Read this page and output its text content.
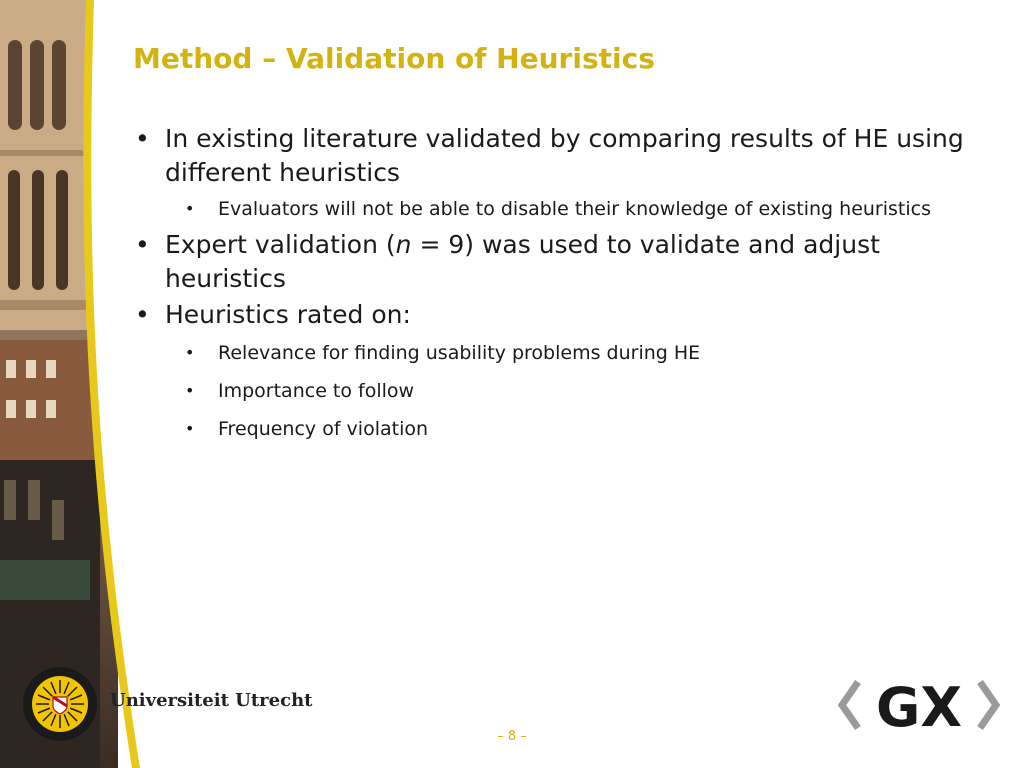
Method – Validation of Heuristics
• In existing literature validated by comparing results of HE using different heuristics
• Evaluators will not be able to disable their knowledge of existing heuristics
• Expert validation (n = 9) was used to validate and adjust heuristics
• Heuristics rated on:
• Relevance for finding usability problems during HE
• Importance to follow
• Frequency of violation
Universiteit Utrecht	GX
– 8 –
